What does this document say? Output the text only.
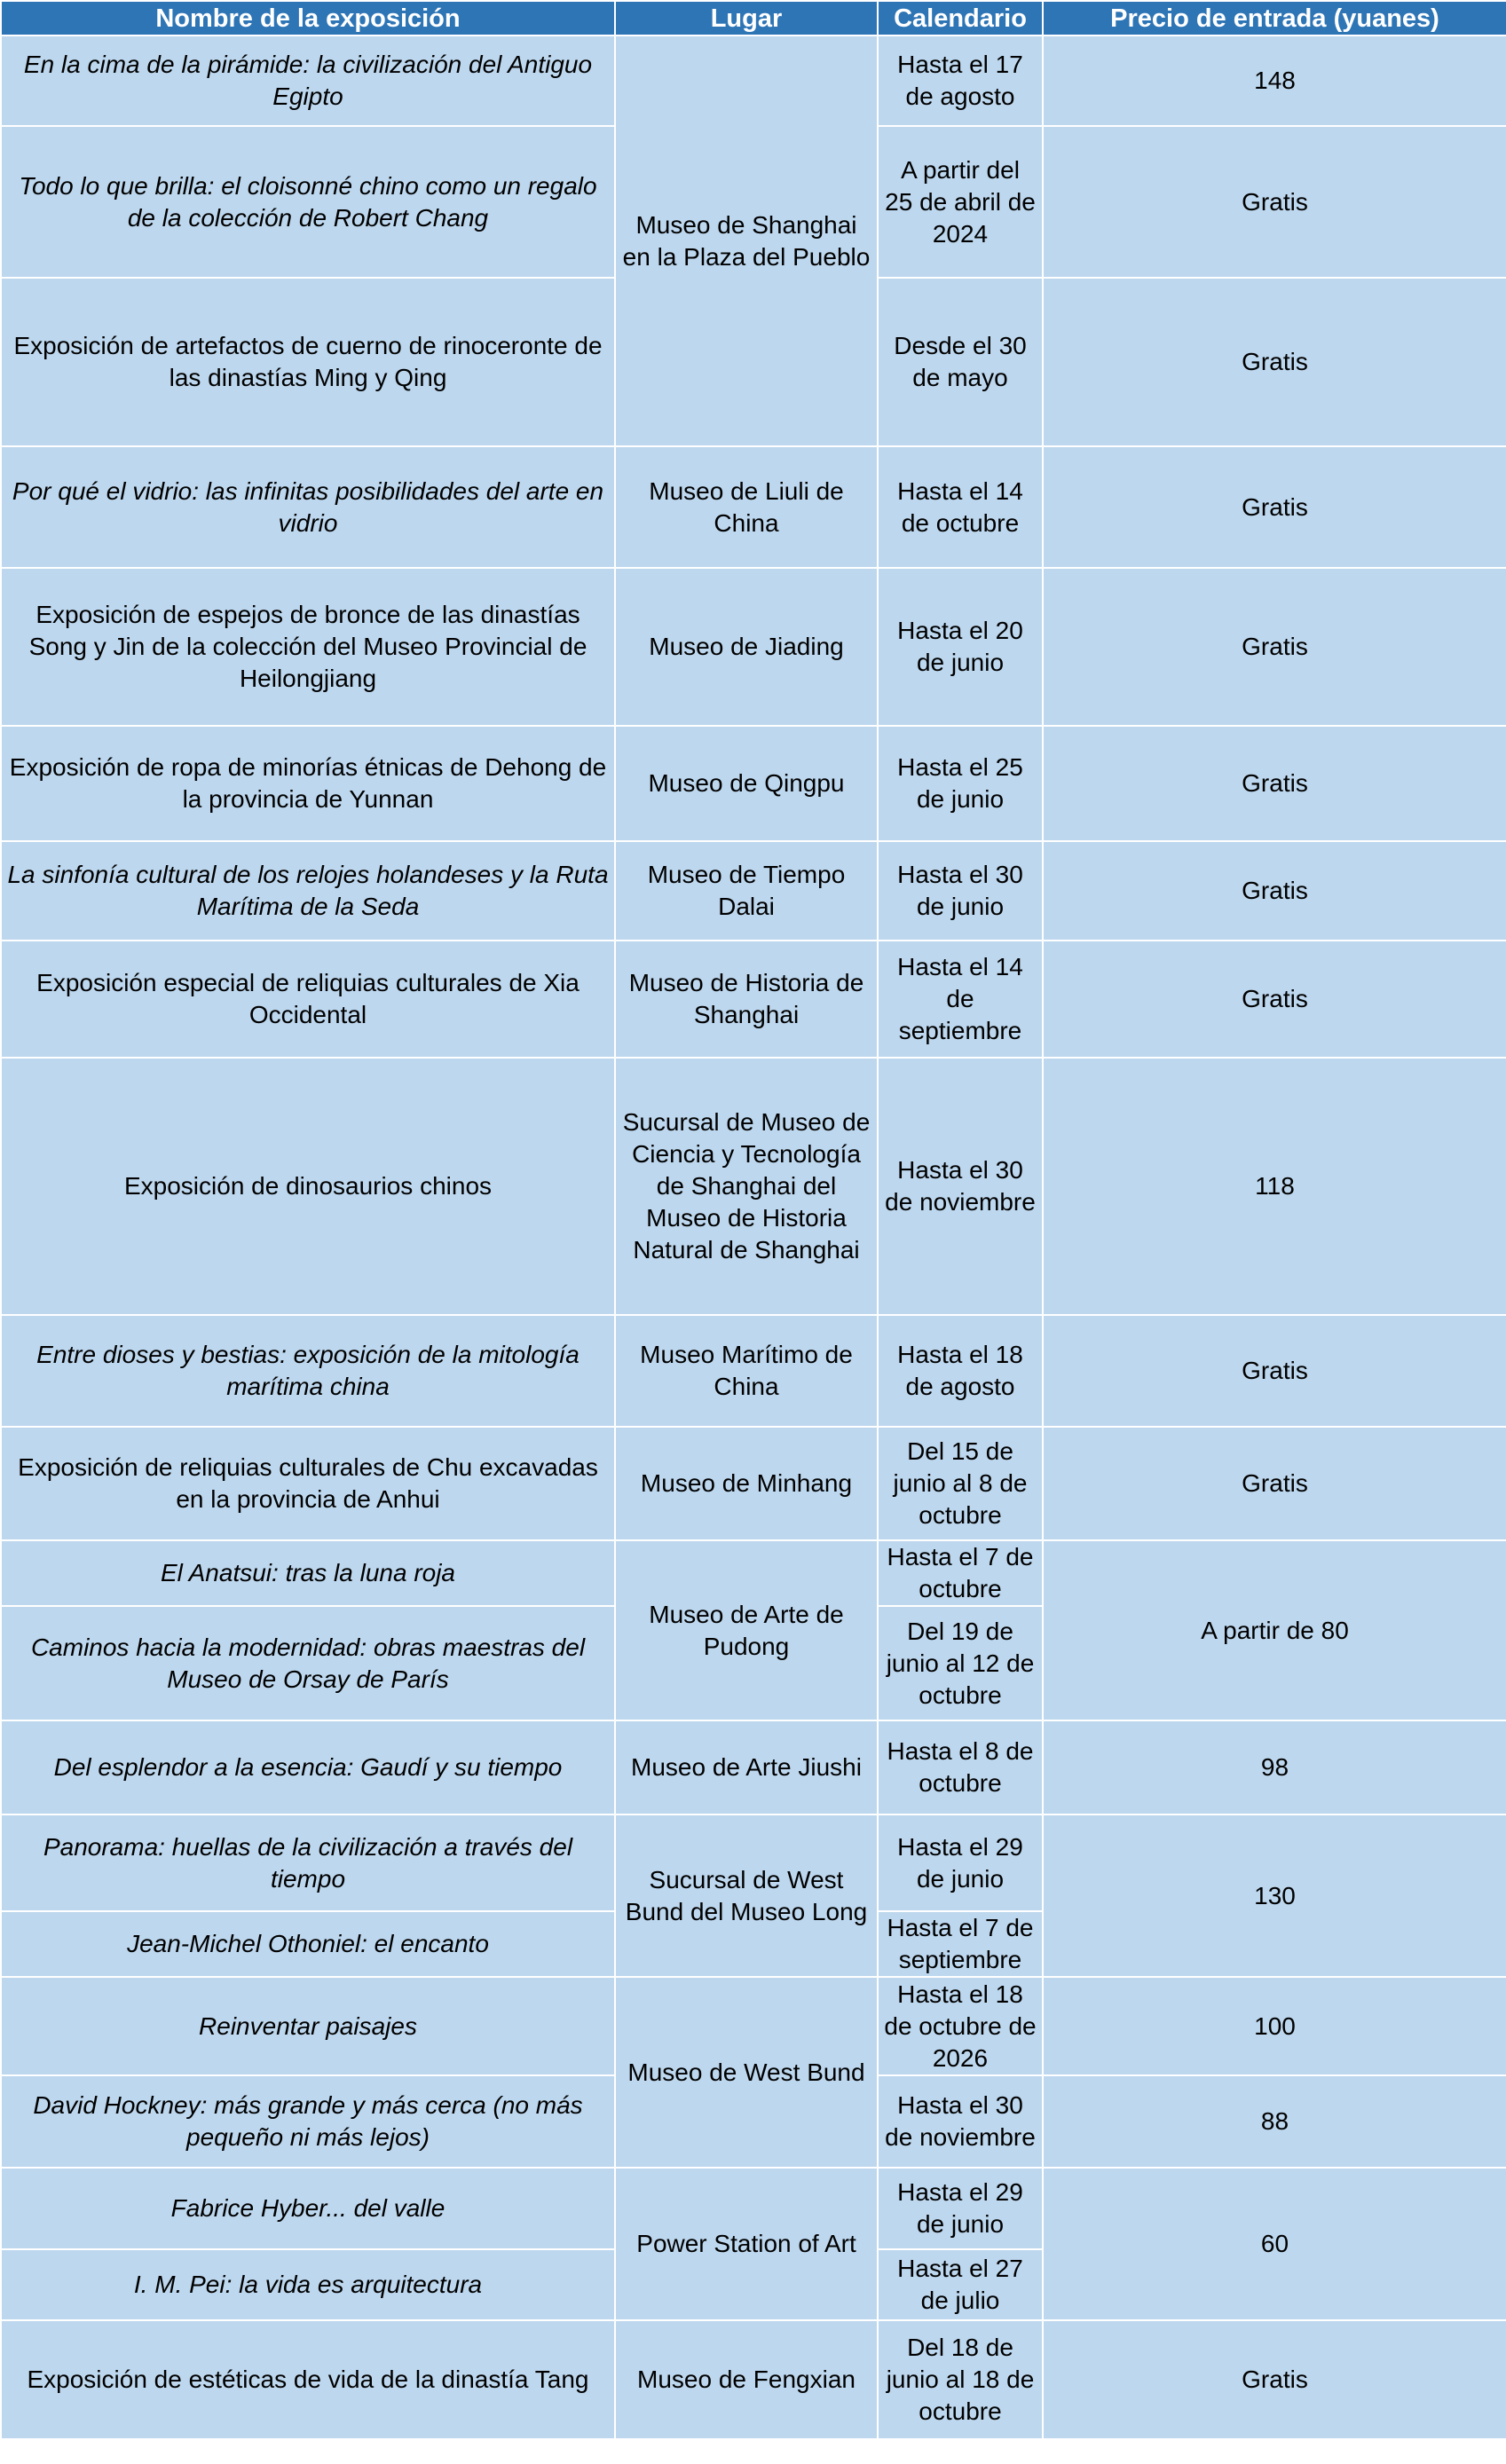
Nombre de la exposición	Lugar	Calendario	Precio de entrada (yuanes)
En la cima de la pirámide: la civilización del Antiguo Egipto	Museo de Shanghai en la Plaza del Pueblo	Hasta el 17 de agosto	148
Todo lo que brilla: el cloisonné chino como un regalo de la colección de Robert Chang		A partir del 25 de abril de 2024	Gratis
Exposición de artefactos de cuerno de rinoceronte de las dinastías Ming y Qing		Desde el 30 de mayo	Gratis
Por qué el vidrio: las infinitas posibilidades del arte en vidrio	Museo de Liuli de China	Hasta el 14 de octubre	Gratis
Exposición de espejos de bronce de las dinastías Song y Jin de la colección del Museo Provincial de Heilongjiang	Museo de Jiading	Hasta el 20 de junio	Gratis
Exposición de ropa de minorías étnicas de Dehong de la provincia de Yunnan	Museo de Qingpu	Hasta el 25 de junio	Gratis
La sinfonía cultural de los relojes holandeses y la Ruta Marítima de la Seda	Museo de Tiempo Dalai	Hasta el 30 de junio	Gratis
Exposición especial de reliquias culturales de Xia Occidental	Museo de Historia de Shanghai	Hasta el 14 de septiembre	Gratis
Exposición de dinosaurios chinos	Sucursal de Museo de Ciencia y Tecnología de Shanghai del Museo de Historia Natural de Shanghai	Hasta el 30 de noviembre	118
Entre dioses y bestias: exposición de la mitología marítima china	Museo Marítimo de China	Hasta el 18 de agosto	Gratis
Exposición de reliquias culturales de Chu excavadas en la provincia de Anhui	Museo de Minhang	Del 15 de junio al 8 de octubre	Gratis
El Anatsui: tras la luna roja	Museo de Arte de Pudong	Hasta el 7 de octubre	A partir de 80
Caminos hacia la modernidad: obras maestras del Museo de Orsay de París		Del 19 de junio al 12 de octubre	
Del esplendor a la esencia: Gaudí y su tiempo	Museo de Arte Jiushi	Hasta el 8 de octubre	98
Panorama: huellas de la civilización a través del tiempo	Sucursal de West Bund del Museo Long	Hasta el 29 de junio	130
Jean-Michel Othoniel: el encanto		Hasta el 7 de septiembre	
Reinventar paisajes	Museo de West Bund	Hasta el 18 de octubre de 2026	100
David Hockney: más grande y más cerca (no más pequeño ni más lejos)		Hasta el 30 de noviembre	88
Fabrice Hyber... del valle	Power Station of Art	Hasta el 29 de junio	60
I. M. Pei: la vida es arquitectura		Hasta el 27 de julio	
Exposición de estéticas de vida de la dinastía Tang	Museo de Fengxian	Del 18 de junio al 18 de octubre	Gratis
